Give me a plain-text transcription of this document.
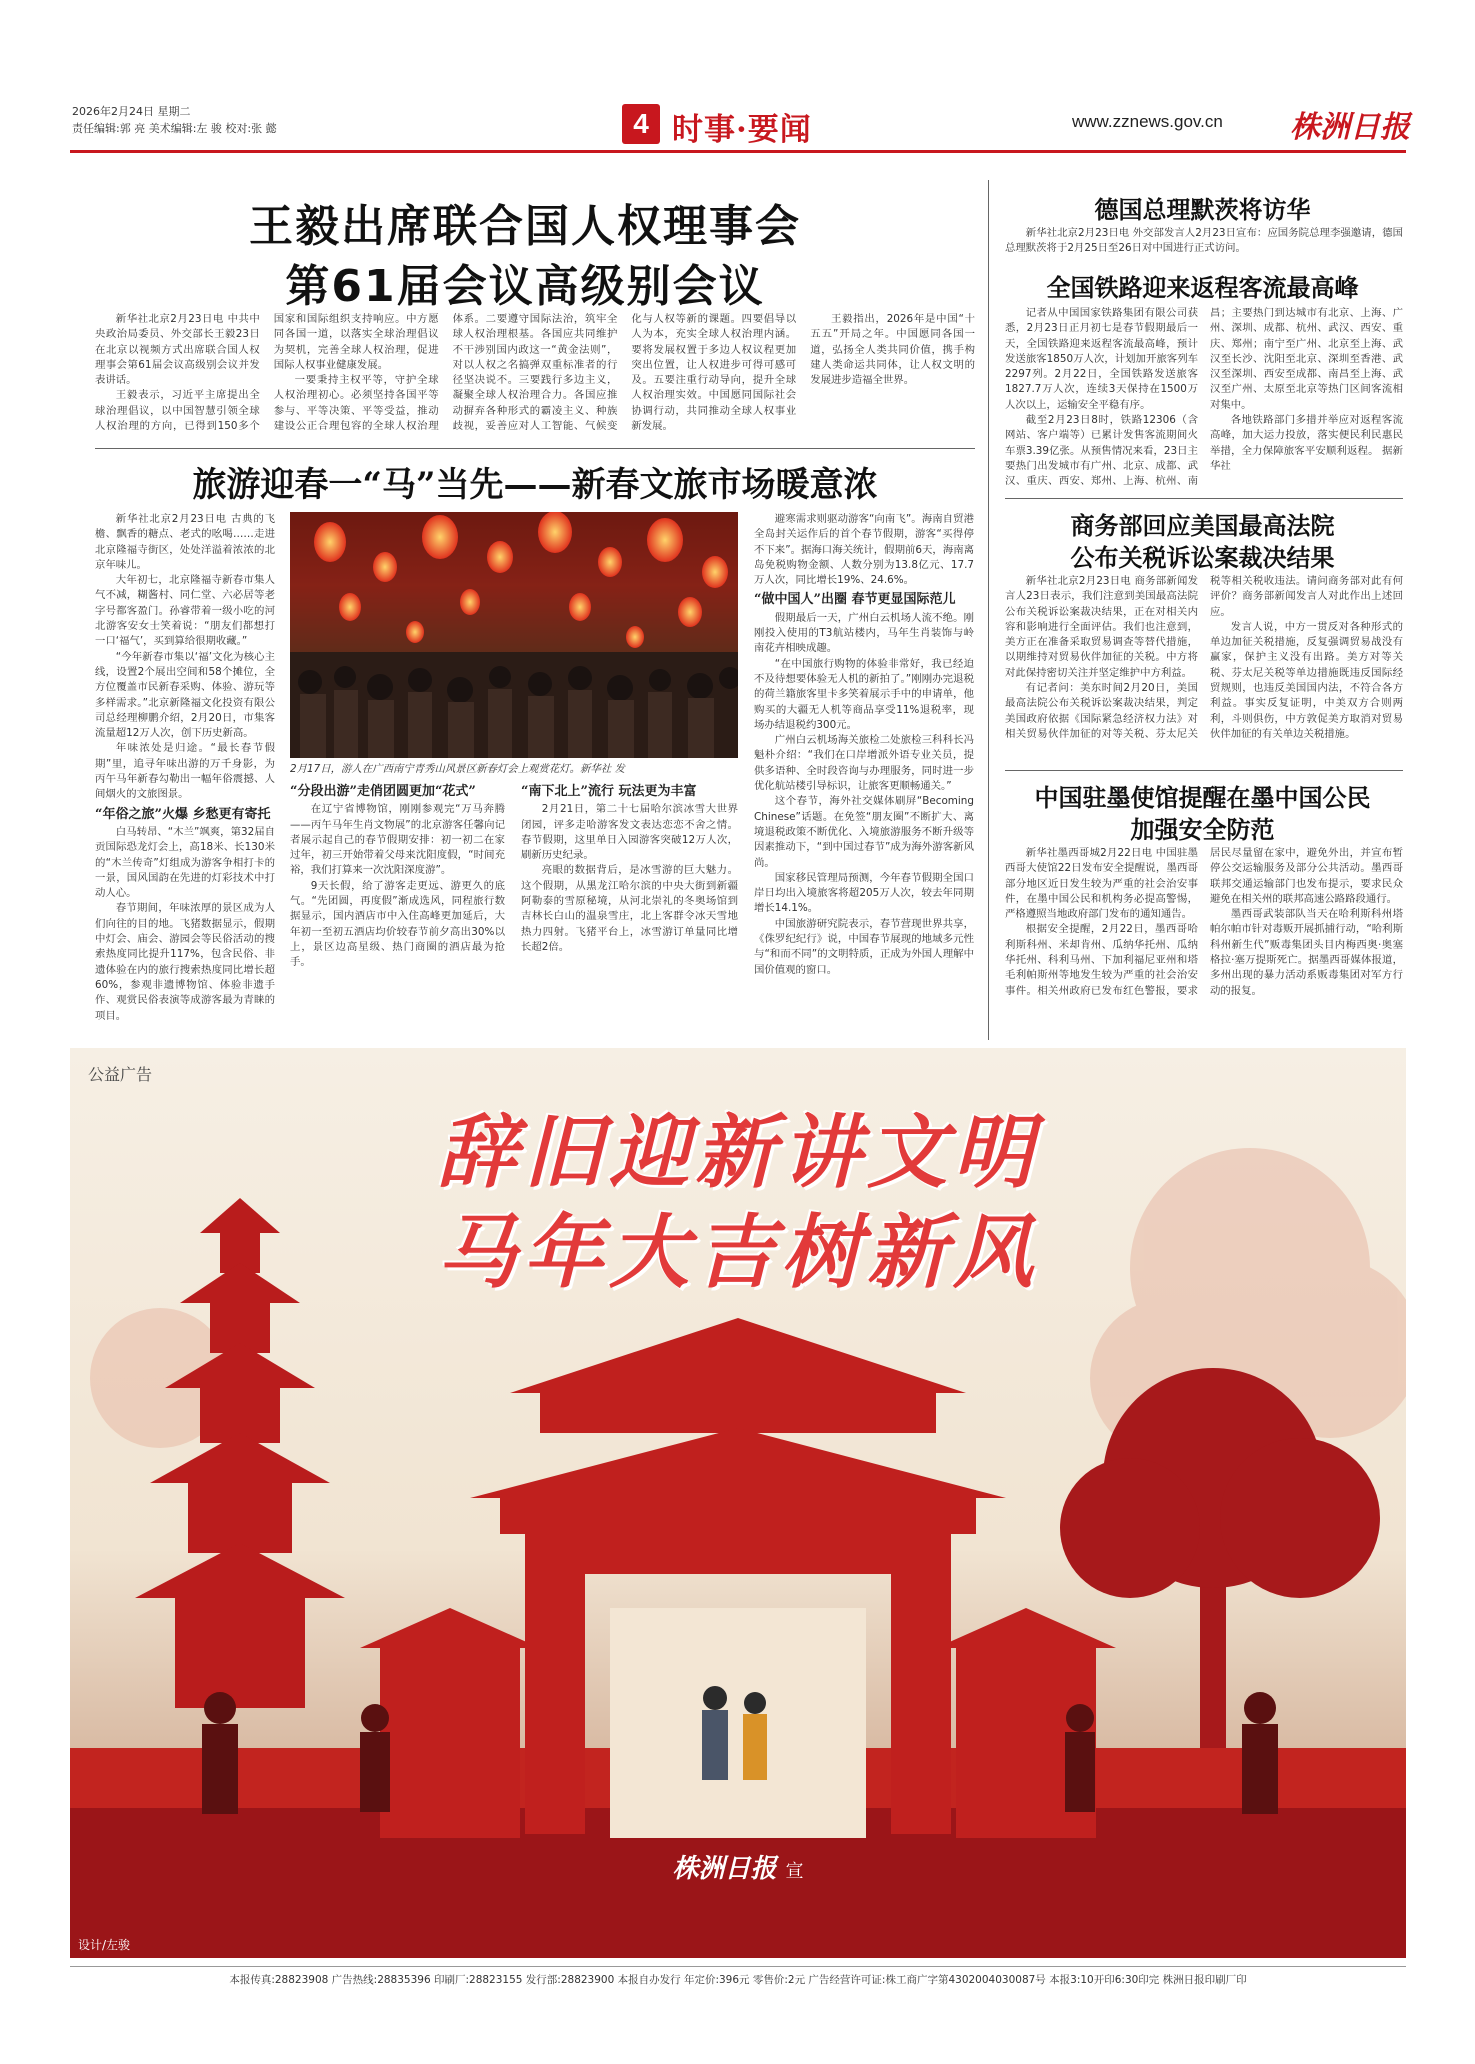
2026年2月24日 星期二
责任编辑:郭 亮 美术编辑:左 骏 校对:张 懿	4 时事·要闻	www.zznews.gov.cn 株洲日报
王毅出席联合国人权理事会
第61届会议高级别会议

新华社北京2月23日电 中共中央政治局委员、外交部长王毅23日在北京以视频方式出席联合国人权理事会第61届会议高级别会议并发表讲话。

王毅表示，习近平主席提出全球治理倡议，以中国智慧引领全球人权治理的方向，已得到150多个国家和国际组织支持响应。中方愿同各国一道，以落实全球治理倡议为契机，完善全球人权治理，促进国际人权事业健康发展。

一要秉持主权平等，守护全球人权治理初心。必须坚持各国平等参与、平等决策、平等受益，推动建设公正合理包容的全球人权治理体系。二要遵守国际法治，筑牢全球人权治理根基。各国应共同维护不干涉别国内政这一“黄金法则”，对以人权之名搞弹双重标准者的行径坚决说不。三要践行多边主义，凝聚全球人权治理合力。各国应推动摒弃各种形式的霸凌主义、种族歧视，妥善应对人工智能、气候变化与人权等新的课题。四要倡导以人为本，充实全球人权治理内涵。要将发展权置于多边人权议程更加突出位置，让人权进步可得可感可及。五要注重行动导向，提升全球人权治理实效。中国愿同国际社会协调行动，共同推动全球人权事业新发展。

王毅指出，2026年是中国“十五五”开局之年。中国愿同各国一道，弘扬全人类共同价值，携手构建人类命运共同体，让人权文明的发展进步造福全世界。

旅游迎春一“马”当先——新春文旅市场暖意浓

新华社北京2月23日电 古典的飞檐、飘香的糖点、老式的吆喝……走进北京隆福寺街区，处处洋溢着浓浓的北京年味儿。

大年初七，北京隆福寺新春市集人气不减，糊酱村、同仁堂、六必居等老字号都客盈门。孙睿带着一级小吃的河北游客安女士笑着说：“朋友们都想打一口‘福气’，买到算给很期收藏。”

“今年新春市集以‘福’文化为核心主线，设置2个展出空间和58个摊位，全方位覆盖市民新春采购、体验、游玩等多样需求。”北京新隆福文化投资有限公司总经理柳鹏介绍，2月20日，市集客流量超12万人次，创下历史新高。

年味浓处是归途。“最长春节假期”里，追寻年味出游的万千身影，为丙午马年新春勾勒出一幅年俗震撼、人间烟火的文旅图景。

“年俗之旅”火爆 乡愁更有寄托

白马转昂、“木兰”飒爽，第32届自贡国际恐龙灯会上，高18米、长130米的“木兰传奇”灯组成为游客争相打卡的一景，国风国韵在先进的灯彩技术中打动人心。

春节期间，年味浓厚的景区成为人们向往的目的地。飞猪数据显示，假期中灯会、庙会、游园会等民俗活动的搜索热度同比提升117%，包含民俗、非遗体验在内的旅行搜索热度同比增长超60%，参观非遗博物馆、体验非遗手作、观赏民俗表演等成游客最为青睐的项目。

2月17日，游人在广西南宁青秀山风景区新春灯会上观赏花灯。新华社 发
“分段出游”走俏团圆更加“花式”

在辽宁省博物馆，刚刚参观完“万马奔腾——丙午马年生肖文物展”的北京游客任馨向记者展示起自己的春节假期安排：初一初二在家过年，初三开始带着父母来沈阳度假，“时间充裕，我们打算来一次沈阳深度游”。

9天长假，给了游客走更远、游更久的底气。“先团圆，再度假”渐成选风，同程旅行数据显示，国内酒店市中入住高峰更加延后，大年初一至初五酒店均价较春节前夕高出30%以上，景区边高星级、热门商圈的酒店最为抢手。

“南下北上”流行 玩法更为丰富

2月21日，第二十七届哈尔滨冰雪大世界闭园，评多走哈游客发文表达恋恋不舍之情。春节假期，这里单日入园游客突破12万人次，刷新历史纪录。

亮眼的数据背后，是冰雪游的巨大魅力。这个假期，从黑龙江哈尔滨的中央大街到新疆阿勒泰的雪原秘境，从河北崇礼的冬奥场馆到吉林长白山的温泉雪庄，北上客群令冰天雪地热力四射。飞猪平台上，冰雪游订单量同比增长超2倍。

避寒需求则驱动游客“向南飞”。海南自贸港全岛封关运作后的首个春节假期，游客“买得停不下来”。据海口海关统计，假期前6天，海南离岛免税购物金额、人数分别为13.8亿元、17.7万人次，同比增长19%、24.6%。

“做中国人”出圈 春节更显国际范儿

假期最后一天，广州白云机场人流不绝。刚刚投入使用的T3航站楼内，马年生肖装饰与岭南花卉相映成趣。

“在中国旅行购物的体验非常好，我已经迫不及待想要体验无人机的新拍了。”刚刚办完退税的荷兰籍旅客里卡多笑着展示手中的申请单，他购买的大疆无人机等商品享受11%退税率，现场办结退税约300元。

广州白云机场海关旅检二处旅检三科科长冯魁朴介绍：“我们在口岸增派外语专业关员，提供多语种、全时段咨询与办理服务，同时进一步优化航站楼引导标识，让旅客更顺畅通关。”

这个春节，海外社交媒体刷屏“Becoming Chinese”话题。在免签“朋友圈”不断扩大、离境退税政策不断优化、入境旅游服务不断升级等因素推动下，“到中国过春节”成为海外游客新风尚。

国家移民管理局预测，今年春节假期全国口岸日均出入境旅客将超205万人次，较去年同期增长14.1%。

中国旅游研究院表示，春节营现世界共享，《侏罗纪纪行》说，中国春节展现的地域多元性与“和而不同”的文明特质，正成为外国人理解中国价值观的窗口。

德国总理默茨将访华

新华社北京2月23日电 外交部发言人2月23日宣布：应国务院总理李强邀请，德国总理默茨将于2月25日至26日对中国进行正式访问。

全国铁路迎来返程客流最高峰

记者从中国国家铁路集团有限公司获悉，2月23日正月初七是春节假期最后一天，全国铁路迎来返程客流最高峰，预计发送旅客1850万人次，计划加开旅客列车2297列。2月22日，全国铁路发送旅客1827.7万人次，连续3天保持在1500万人次以上，运输安全平稳有序。

截至2月23日8时，铁路12306（含网站、客户端等）已累计发售客流期间火车票3.39亿张。从预售情况来看，23日主要热门出发城市有广州、北京、成都、武汉、重庆、西安、郑州、上海、杭州、南昌；主要热门到达城市有北京、上海、广州、深圳、成都、杭州、武汉、西安、重庆、郑州；南宁至广州、北京至上海、武汉至长沙、沈阳至北京、深圳至香港、武汉至深圳、西安至成都、南昌至上海、武汉至广州、太原至北京等热门区间客流相对集中。

各地铁路部门多措并举应对返程客流高峰，加大运力投放，落实便民利民惠民举措，全力保障旅客平安顺利返程。 据新华社

商务部回应美国最高法院
公布关税诉讼案裁决结果

新华社北京2月23日电 商务部新闻发言人23日表示，我们注意到美国最高法院公布关税诉讼案裁决结果，正在对相关内容和影响进行全面评估。我们也注意到，美方正在准备采取贸易调查等替代措施，以期维持对贸易伙伴加征的关税。中方将对此保持密切关注并坚定维护中方利益。

有记者问：美东时间2月20日，美国最高法院公布关税诉讼案裁决结果，判定美国政府依据《国际紧急经济权力法》对相关贸易伙伴加征的对等关税、芬太尼关税等相关税收违法。请问商务部对此有何评价？商务部新闻发言人对此作出上述回应。

发言人说，中方一贯反对各种形式的单边加征关税措施，反复强调贸易战没有赢家，保护主义没有出路。美方对等关税、芬太尼关税等单边措施既违反国际经贸规则，也违反美国国内法，不符合各方利益。事实反复证明，中美双方合则两利，斗则俱伤，中方敦促美方取消对贸易伙伴加征的有关单边关税措施。

中国驻墨使馆提醒在墨中国公民
加强安全防范

新华社墨西哥城2月22日电 中国驻墨西哥大使馆22日发布安全提醒说，墨西哥部分地区近日发生较为严重的社会治安事件，在墨中国公民和机构务必提高警惕，严格遵照当地政府部门发布的通知通告。

根据安全提醒，2月22日，墨西哥哈利斯科州、米却肯州、瓜纳华托州、瓜纳华托州、科利马州、下加利福尼亚州和塔毛利帕斯州等地发生较为严重的社会治安事件。相关州政府已发布红色警报，要求居民尽量留在家中，避免外出，并宣布暂停公交运输服务及部分公共活动。墨西哥联邦交通运输部门也发布提示，要求民众避免在相关州的联邦高速公路路段通行。

墨西哥武装部队当天在哈利斯科州塔帕尔帕市针对毒贩开展抓捕行动，“哈利斯科州新生代”贩毒集团头目内梅西奥·奥塞格拉·塞万提斯死亡。据墨西哥媒体报道，多州出现的暴力活动系贩毒集团对军方行动的报复。

公益广告
辞旧迎新讲文明
马年大吉树新风
株洲日报 宣
设计/左骏
本报传真:28823908 广告热线:28835396 印刷厂:28823155 发行部:28823900 本报自办发行 年定价:396元 零售价:2元 广告经营许可证:株工商广字第4302004030087号 本报3:10开印6:30印完 株洲日报印刷厂印
